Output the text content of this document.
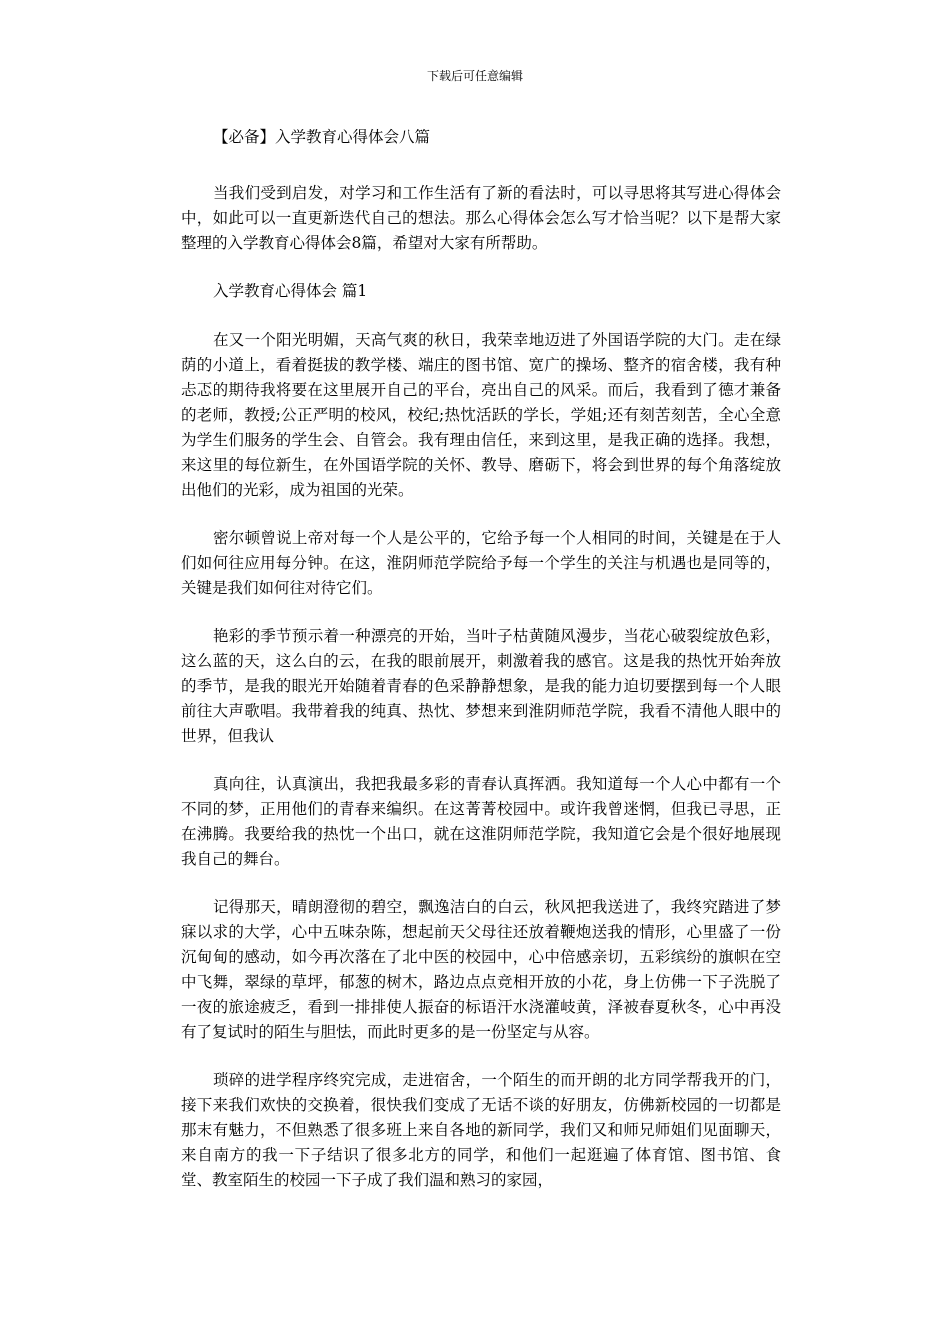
下载后可任意编辑
【必备】入学教育心得体会八篇

当我们受到启发，对学习和工作生活有了新的看法时，可以寻思将其写进心得体会中，如此可以一直更新迭代自己的想法。那么心得体会怎么写才恰当呢？以下是帮大家整理的入学教育心得体会8篇，希望对大家有所帮助。

入学教育心得体会 篇1

在又一个阳光明媚，天高气爽的秋日，我荣幸地迈进了外国语学院的大门。走在绿荫的小道上，看着挺拔的教学楼、端庄的图书馆、宽广的操场、整齐的宿舍楼，我有种忐忑的期待我将要在这里展开自己的平台，亮出自己的风采。而后，我看到了德才兼备的老师，教授;公正严明的校风，校纪;热忱活跃的学长，学姐;还有刻苦刻苦，全心全意为学生们服务的学生会、自管会。我有理由信任，来到这里，是我正确的选择。我想，来这里的每位新生，在外国语学院的关怀、教导、磨砺下，将会到世界的每个角落绽放出他们的光彩，成为祖国的光荣。

密尔顿曾说上帝对每一个人是公平的，它给予每一个人相同的时间，关键是在于人们如何往应用每分钟。在这，淮阴师范学院给予每一个学生的关注与机遇也是同等的，关键是我们如何往对待它们。

艳彩的季节预示着一种漂亮的开始，当叶子枯黄随风漫步，当花心破裂绽放色彩，这么蓝的天，这么白的云，在我的眼前展开，刺激着我的感官。这是我的热忱开始奔放的季节，是我的眼光开始随着青春的色采静静想象，是我的能力迫切要摆到每一个人眼前往大声歌唱。我带着我的纯真、热忱、梦想来到淮阴师范学院，我看不清他人眼中的世界，但我认

真向往，认真演出，我把我最多彩的青春认真挥洒。我知道每一个人心中都有一个不同的梦，正用他们的青春来编织。在这菁菁校园中。或许我曾迷惘，但我已寻思，正在沸腾。我要给我的热忱一个出口，就在这淮阴师范学院，我知道它会是个很好地展现我自己的舞台。

记得那天，晴朗澄彻的碧空，飘逸洁白的白云，秋风把我送进了，我终究踏进了梦寐以求的大学，心中五味杂陈，想起前天父母往还放着鞭炮送我的情形，心里盛了一份沉甸甸的感动，如今再次落在了北中医的校园中，心中倍感亲切，五彩缤纷的旗帜在空中飞舞，翠绿的草坪，郁葱的树木，路边点点竞相开放的小花，身上仿佛一下子洗脱了一夜的旅途疲乏，看到一排排使人振奋的标语汗水浇灌岐黄，泽被春夏秋冬，心中再没有了复试时的陌生与胆怯，而此时更多的是一份坚定与从容。

琐碎的进学程序终究完成，走进宿舍，一个陌生的而开朗的北方同学帮我开的门，接下来我们欢快的交换着，很快我们变成了无话不谈的好朋友，仿佛新校园的一切都是那末有魅力，不但熟悉了很多班上来自各地的新同学，我们又和师兄师姐们见面聊天，来自南方的我一下子结识了很多北方的同学，和他们一起逛遍了体育馆、图书馆、食堂、教室陌生的校园一下子成了我们温和熟习的家园，
